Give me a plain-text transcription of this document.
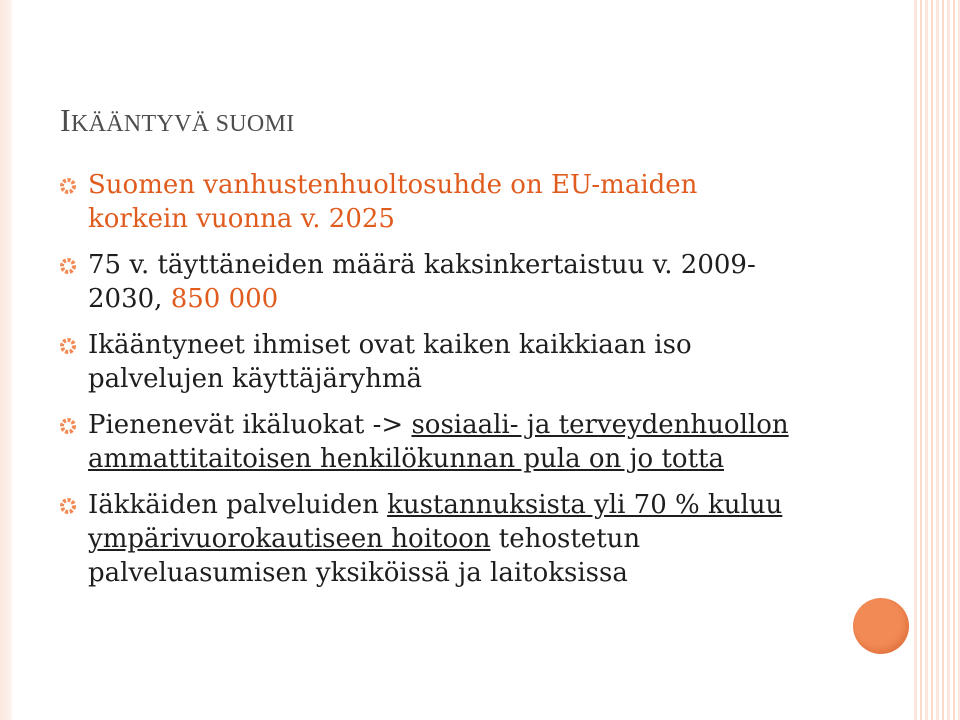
IKÄÄNTYVÄ SUOMI
Suomen vanhustenhuoltosuhde on EU-maiden korkein vuonna v. 2025
75 v. täyttäneiden määrä kaksinkertaistuu v. 2009-2030, 850 000
Ikääntyneet ihmiset ovat kaiken kaikkiaan iso palvelujen käyttäjäryhmä
Pienenevät ikäluokat -> sosiaali- ja terveydenhuollon ammattitaitoisen henkilökunnan pula on jo totta
Iäkkäiden palveluiden kustannuksista yli 70 % kuluu ympärivuorokautiseen hoitoon tehostetun palveluasumisen yksiköissä ja laitoksissa
